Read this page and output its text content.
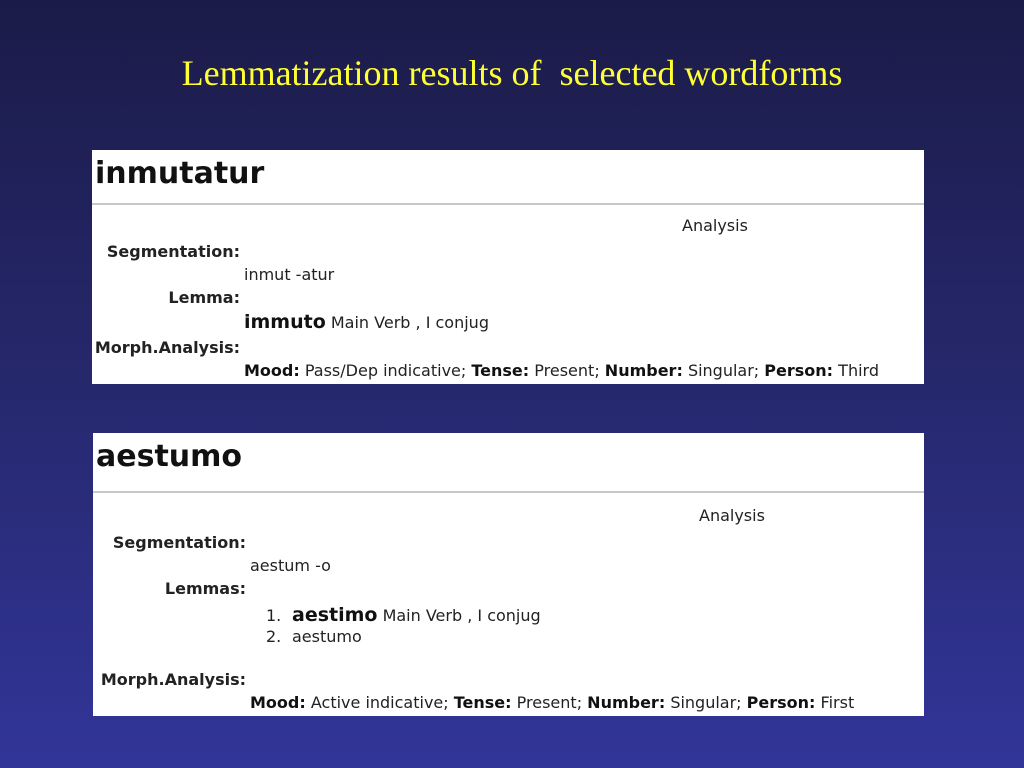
Lemmatization results of  selected wordforms
inmutatur
Analysis
Segmentation:
inmut -atur
Lemma:
immuto Main Verb , I conjug
Morph.Analysis:
Mood: Pass/Dep indicative; Tense: Present; Number: Singular; Person: Third
aestumo
Analysis
Segmentation:
aestum -o
Lemmas:
1. aestimo Main Verb , I conjug
2. aestumo
Morph.Analysis:
Mood: Active indicative; Tense: Present; Number: Singular; Person: First
